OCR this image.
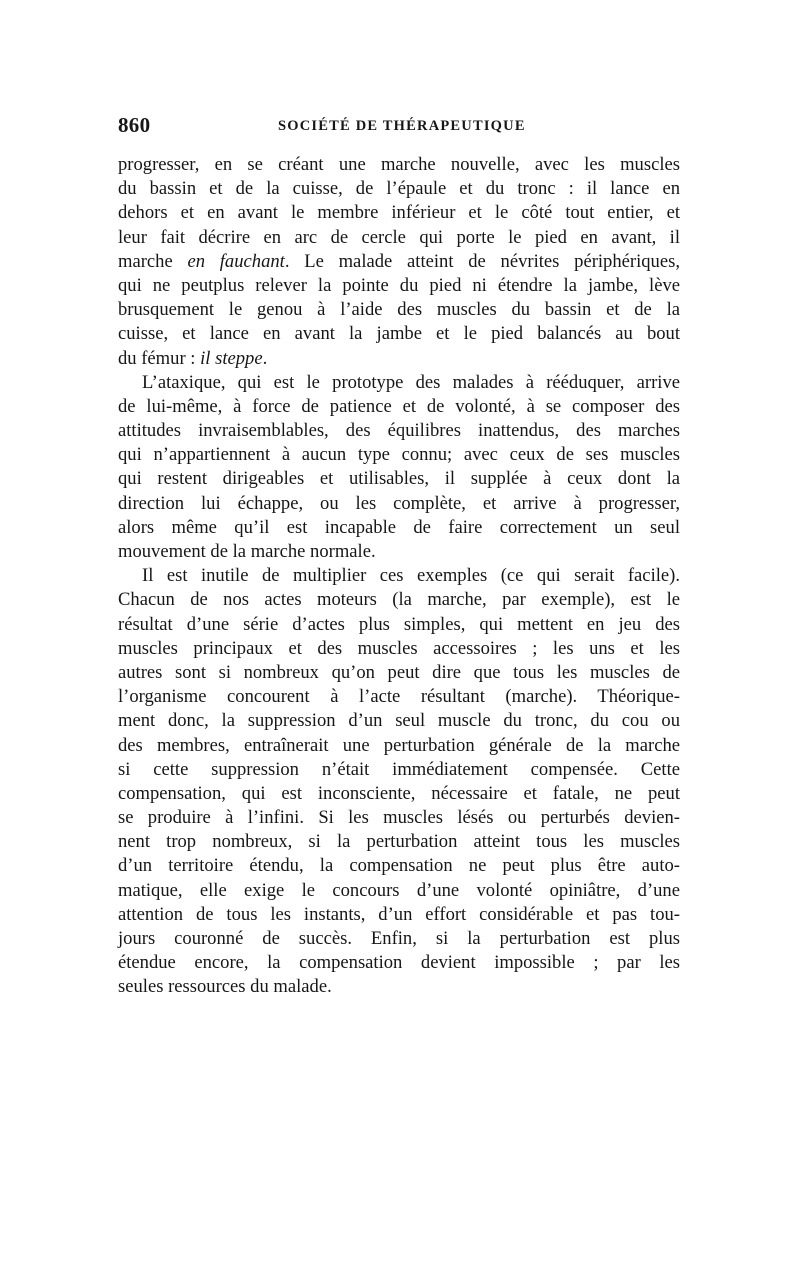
860	SOCIÉTÉ DE THÉRAPEUTIQUE
progresser, en se créant une marche nouvelle, avec les muscles
du bassin et de la cuisse, de l’épaule et du tronc : il lance en
dehors et en avant le membre inférieur et le côté tout entier, et
leur fait décrire en arc de cercle qui porte le pied en avant, il
marche en fauchant. Le malade atteint de névrites périphériques,
qui ne peutplus relever la pointe du pied ni étendre la jambe, lève
brusquement le genou à l’aide des muscles du bassin et de la
cuisse, et lance en avant la jambe et le pied balancés au bout
du fémur : il steppe.
L’ataxique, qui est le prototype des malades à rééduquer, arrive
de lui-même, à force de patience et de volonté, à se composer des
attitudes invraisemblables, des équilibres inattendus, des marches
qui n’appartiennent à aucun type connu; avec ceux de ses muscles
qui restent dirigeables et utilisables, il supplée à ceux dont la
direction lui échappe, ou les complète, et arrive à progresser,
alors même qu’il est incapable de faire correctement un seul
mouvement de la marche normale.
Il est inutile de multiplier ces exemples (ce qui serait facile).
Chacun de nos actes moteurs (la marche, par exemple), est le
résultat d’une série d’actes plus simples, qui mettent en jeu des
muscles principaux et des muscles accessoires ; les uns et les
autres sont si nombreux qu’on peut dire que tous les muscles de
l’organisme concourent à l’acte résultant (marche). Théorique-
ment donc, la suppression d’un seul muscle du tronc, du cou ou
des membres, entraînerait une perturbation générale de la marche
si cette suppression n’était immédiatement compensée. Cette
compensation, qui est inconsciente, nécessaire et fatale, ne peut
se produire à l’infini. Si les muscles lésés ou perturbés devien-
nent trop nombreux, si la perturbation atteint tous les muscles
d’un territoire étendu, la compensation ne peut plus être auto-
matique, elle exige le concours d’une volonté opiniâtre, d’une
attention de tous les instants, d’un effort considérable et pas tou-
jours couronné de succès. Enfin, si la perturbation est plus
étendue encore, la compensation devient impossible ; par les
seules ressources du malade.
